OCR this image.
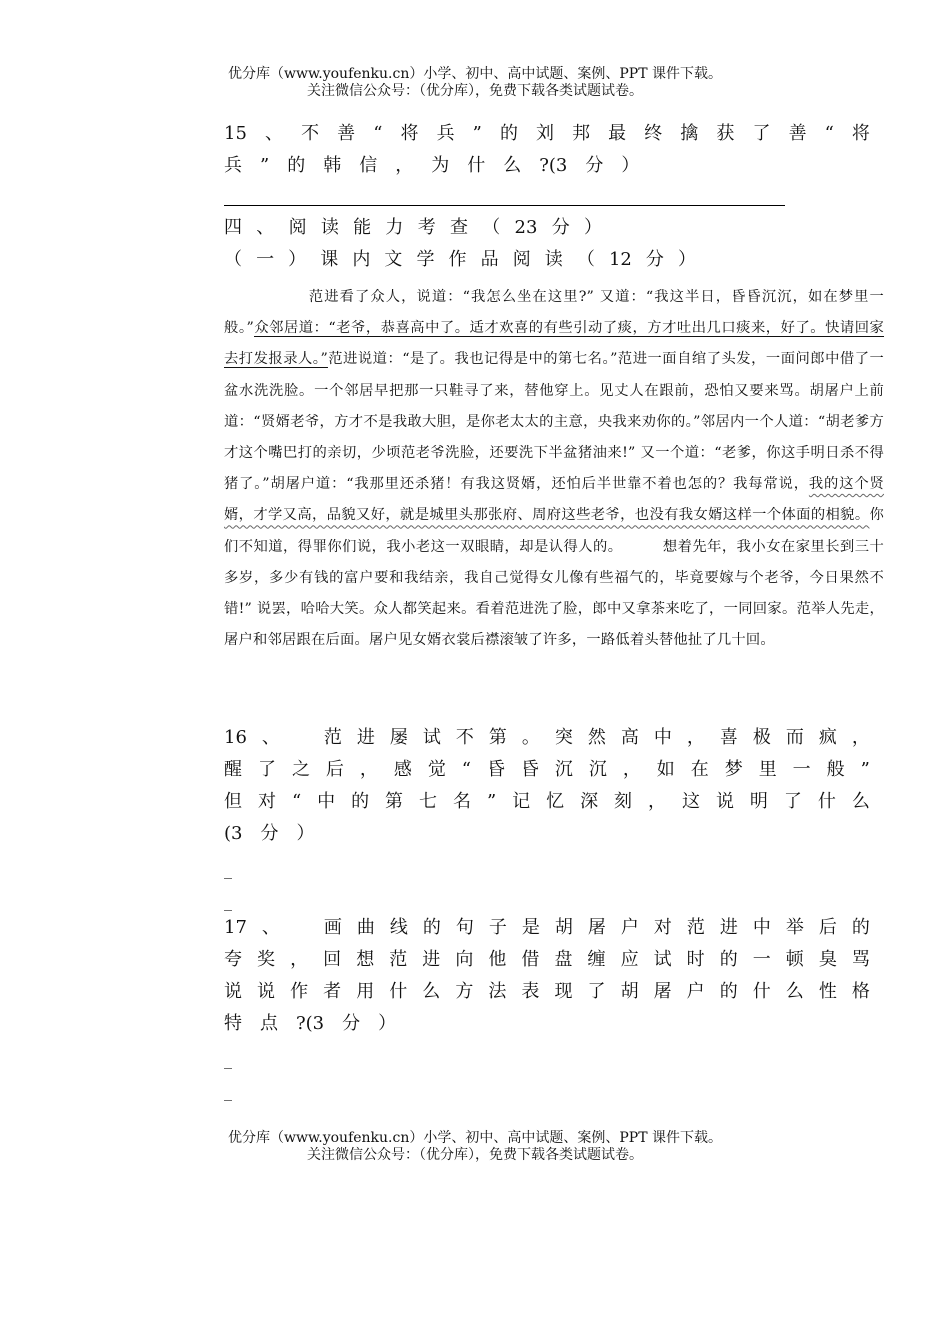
优分库（www.youfenku.cn）小学、初中、高中试题、案例、PPT 课件下载。
关注微信公众号：（优分库），免费下载各类试题试卷。
15 、 不 善 “ 将 兵 ” 的 刘 邦 最 终 擒 获 了 善 “ 将
兵 ” 的 韩 信 ， 为 什 么 ?(3 分 ）
四 、 阅 读 能 力 考 查 （ 23 分 ）
（ 一 ） 课 内 文 学 作 品 阅 读 （ 12 分 ）
范进看了众人，说道：“我怎么坐在这里?” 又道：“我这半日，昏昏沉沉，如在梦里一般。”众邻居道：“老爷，恭喜高中了。适才欢喜的有些引动了痰，方才吐出几口痰来，好了。快请回家去打发报录人。”范进说道：“是了。我也记得是中的第七名。”范进一面自绾了头发，一面问郎中借了一盆水洗洗脸。一个邻居早把那一只鞋寻了来，替他穿上。见丈人在跟前，恐怕又要来骂。胡屠户上前道：“贤婿老爷，方才不是我敢大胆，是你老太太的主意，央我来劝你的。”邻居内一个人道：“胡老爹方才这个嘴巴打的亲切，少顷范老爷洗脸，还要洗下半盆猪油来!” 又一个道：“老爹，你这手明日杀不得猪了。”胡屠户道：“我那里还杀猪！有我这贤婿，还怕后半世靠不着也怎的？我每常说，我的这个贤婿，才学又高，品貌又好，就是城里头那张府、周府这些老爷，也没有我女婿这样一个体面的相貌。你们不知道，得罪你们说，我小老这一双眼睛，却是认得人的。	想着先年，我小女在家里长到三十多岁，多少有钱的富户要和我结亲，我自己觉得女儿像有些福气的，毕竟要嫁与个老爷，今日果然不错!” 说罢，哈哈大笑。众人都笑起来。看着范进洗了脸，郎中又拿茶来吃了，一同回家。范举人先走，屠户和邻居跟在后面。屠户见女婿衣裳后襟滚皱了许多，一路低着头替他扯了几十回。
16 、 范 进 屡 试 不 第 。 突 然 高 中 ， 喜 极 而 疯 ，
醒 了 之 后 ， 感 觉 “ 昏 昏 沉 沉 ， 如 在 梦 里 一 般 ”
但 对 “ 中 的 第 七 名 ” 记 忆 深 刻 ， 这 说 明 了 什 么
(3 分 ）
_
_
17 、 画 曲 线 的 句 子 是 胡 屠 户 对 范 进 中 举 后 的
夸 奖 ， 回 想 范 进 向 他 借 盘 缠 应 试 时 的 一 顿 臭 骂
说 说 作 者 用 什 么 方 法 表 现 了 胡 屠 户 的 什 么 性 格
特 点 ?(3 分 ）
_
_
优分库（www.youfenku.cn）小学、初中、高中试题、案例、PPT 课件下载。
关注微信公众号：（优分库），免费下载各类试题试卷。
